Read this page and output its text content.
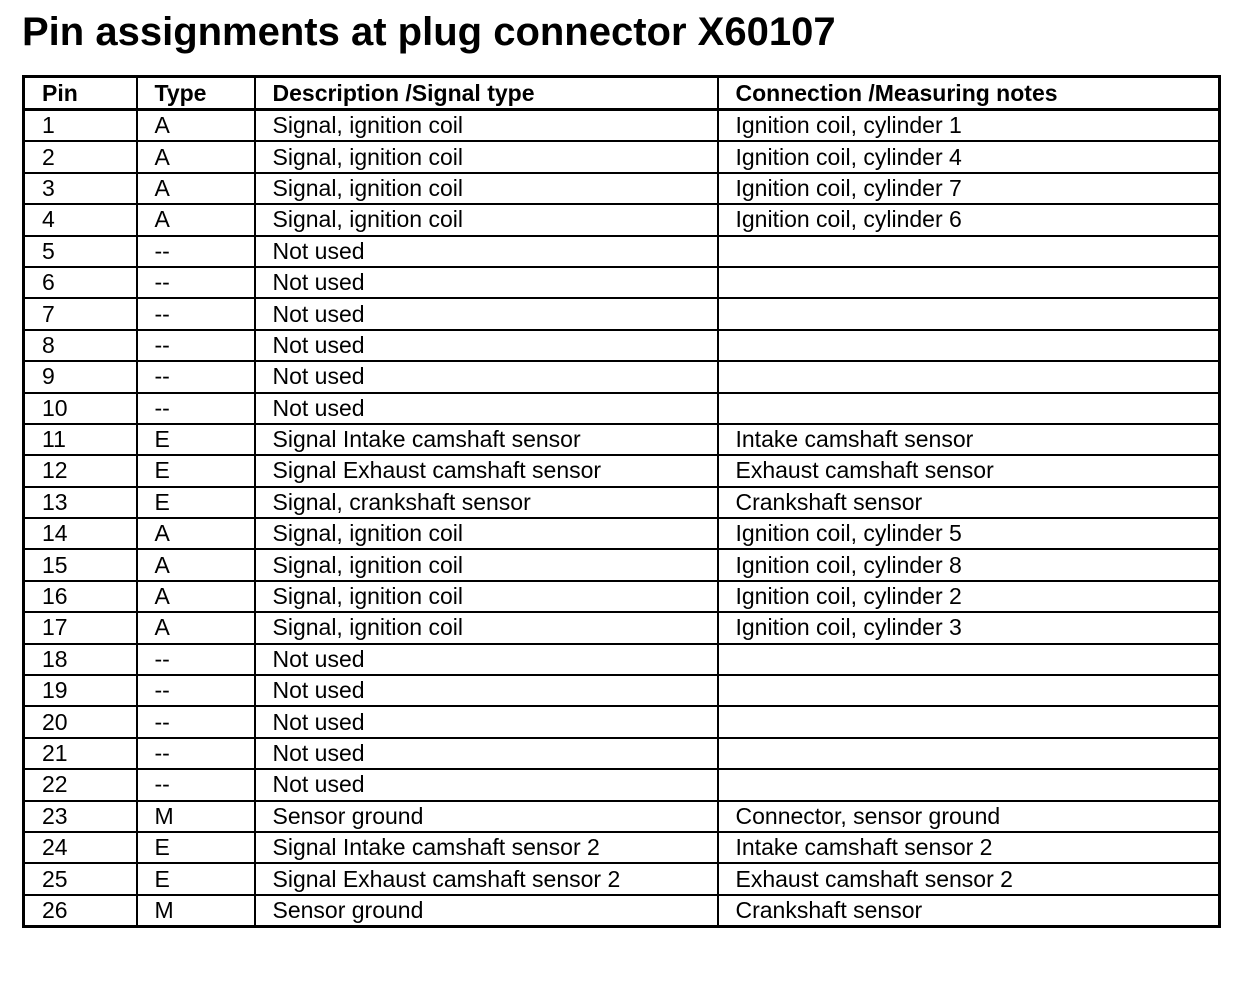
Pin assignments at plug connector X60107
Pin	Type	Description /Signal type	Connection /Measuring notes
1	A	Signal, ignition coil	Ignition coil, cylinder 1
2	A	Signal, ignition coil	Ignition coil, cylinder 4
3	A	Signal, ignition coil	Ignition coil, cylinder 7
4	A	Signal, ignition coil	Ignition coil, cylinder 6
5	--	Not used	
6	--	Not used	
7	--	Not used	
8	--	Not used	
9	--	Not used	
10	--	Not used	
11	E	Signal Intake camshaft sensor	Intake camshaft sensor
12	E	Signal Exhaust camshaft sensor	Exhaust camshaft sensor
13	E	Signal, crankshaft sensor	Crankshaft sensor
14	A	Signal, ignition coil	Ignition coil, cylinder 5
15	A	Signal, ignition coil	Ignition coil, cylinder 8
16	A	Signal, ignition coil	Ignition coil, cylinder 2
17	A	Signal, ignition coil	Ignition coil, cylinder 3
18	--	Not used	
19	--	Not used	
20	--	Not used	
21	--	Not used	
22	--	Not used	
23	M	Sensor ground	Connector, sensor ground
24	E	Signal Intake camshaft sensor 2	Intake camshaft sensor 2
25	E	Signal Exhaust camshaft sensor 2	Exhaust camshaft sensor 2
26	M	Sensor ground	Crankshaft sensor
